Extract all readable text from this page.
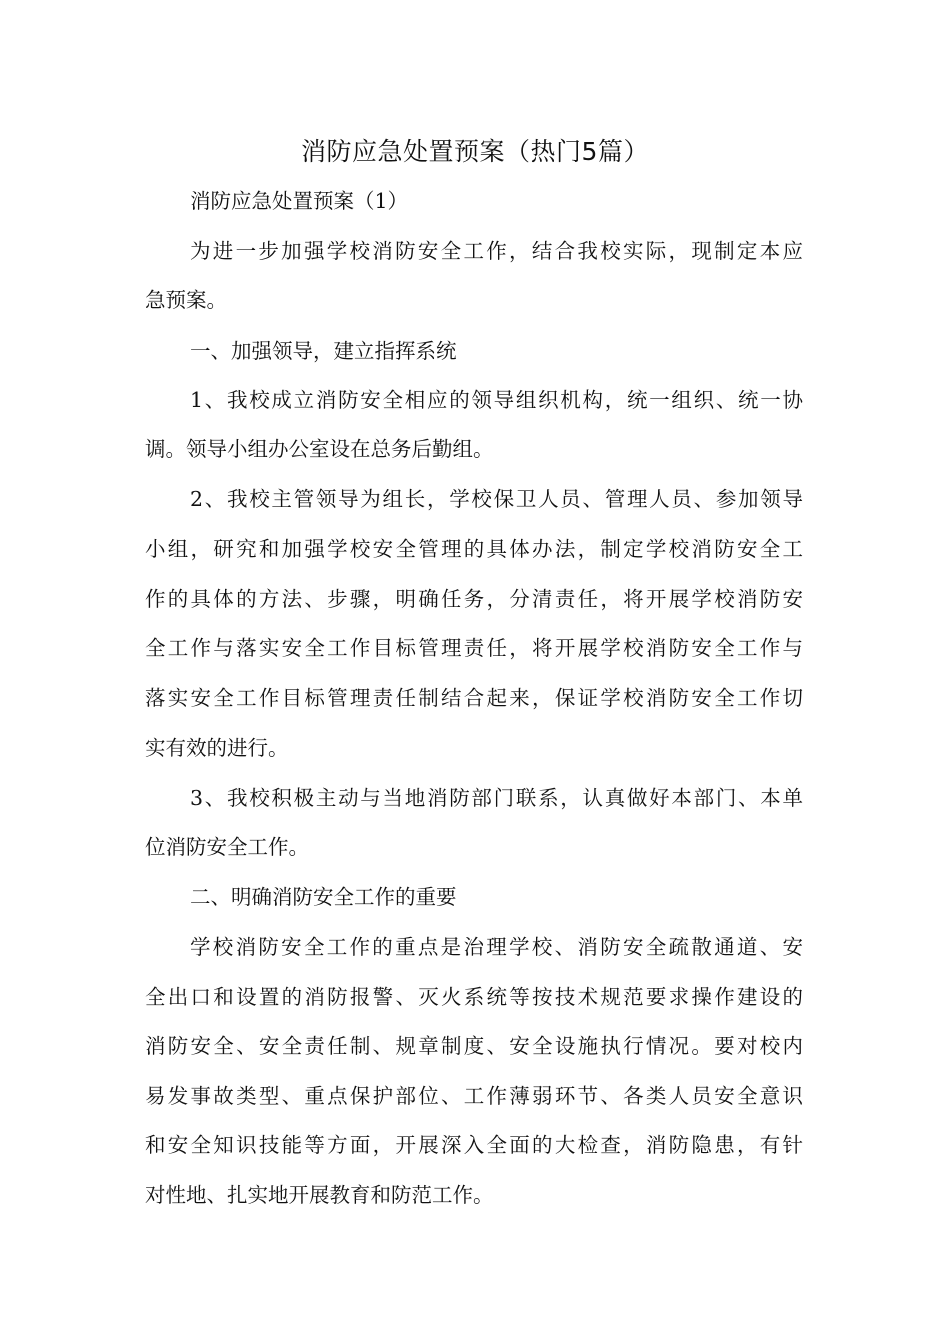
消防应急处置预案（热门5篇）
消防应急处置预案（1）
为进一步加强学校消防安全工作，结合我校实际，现制定本应
急预案。
一、加强领导，建立指挥系统
1、我校成立消防安全相应的领导组织机构，统一组织、统一协
调。领导小组办公室设在总务后勤组。
2、我校主管领导为组长，学校保卫人员、管理人员、参加领导
小组，研究和加强学校安全管理的具体办法，制定学校消防安全工
作的具体的方法、步骤，明确任务，分清责任，将开展学校消防安
全工作与落实安全工作目标管理责任，将开展学校消防安全工作与
落实安全工作目标管理责任制结合起来，保证学校消防安全工作切
实有效的进行。
3、我校积极主动与当地消防部门联系，认真做好本部门、本单
位消防安全工作。
二、明确消防安全工作的重要
学校消防安全工作的重点是治理学校、消防安全疏散通道、安
全出口和设置的消防报警、灭火系统等按技术规范要求操作建设的
消防安全、安全责任制、规章制度、安全设施执行情况。要对校内
易发事故类型、重点保护部位、工作薄弱环节、各类人员安全意识
和安全知识技能等方面，开展深入全面的大检查，消防隐患，有针
对性地、扎实地开展教育和防范工作。
